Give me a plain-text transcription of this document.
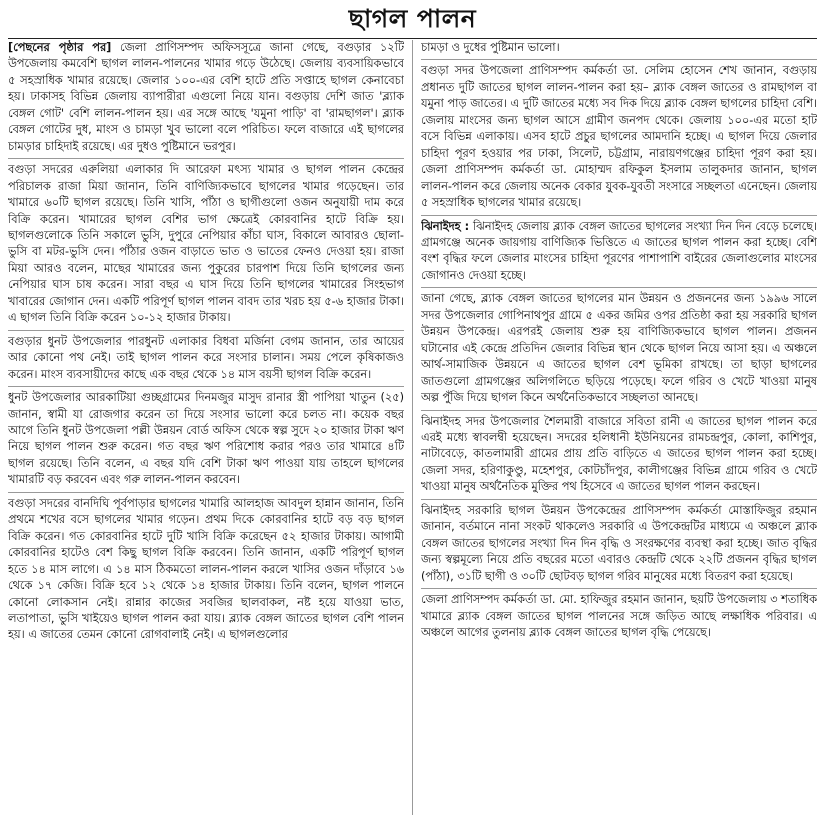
ছাগল পালন

[পেছনের পৃষ্ঠার পর] জেলা প্রাণিসম্পদ অফিসসূত্রে জানা গেছে, বগুড়ার ১২টি উপজেলায় কমবেশি ছাগল লালন-পালনের খামার গড়ে উঠেছে। জেলায় ব্যবসায়িকভাবে ৫ সহস্রাধিক খামার রয়েছে। জেলার ১০০-এর বেশি হাটে প্রতি সপ্তাহে ছাগল কেনাবেচা হয়। ঢাকাসহ বিভিন্ন জেলায় ব্যাপারীরা এগুলো নিয়ে যান। বগুড়ায় দেশি জাত 'ব্ল্যাক বেঙ্গল গোট' বেশি লালন-পালন হয়। এর সঙ্গে আছে 'যমুনা পাড়ি' বা 'রামছাগল'। ব্ল্যাক বেঙ্গল গোটের দুধ, মাংস ও চামড়া খুব ভালো বলে পরিচিত। ফলে বাজারে এই ছাগলের চামড়ার চাহিদাই রয়েছে। এর দুধও পুষ্টিমানে ভরপুর।

বগুড়া সদরের এরুলিয়া এলাকার দি আরেফা মৎস্য খামার ও ছাগল পালন কেন্দ্রের পরিচালক রাজা মিয়া জানান, তিনি বাণিজ্যিকভাবে ছাগলের খামার গড়েছেন। তার খামারে ৬০টি ছাগল রয়েছে। তিনি খাসি, পাঁঠা ও ছাগীগুলো ওজন অনুযায়ী দাম করে বিক্রি করেন। খামারের ছাগল বেশির ভাগ ক্ষেত্রেই কোরবানির হাটে বিক্রি হয়। ছাগলগুলোকে তিনি সকালে ভুসি, দুপুরে নেপিয়ার কাঁচা ঘাস, বিকালে আবারও ছোলা-ভুসি বা মটর-ভুসি দেন। পাঁঠার ওজন বাড়াতে ভাত ও ভাতের ফেনও দেওয়া হয়। রাজা মিয়া আরও বলেন, মাছের খামারের জন্য পুকুরের চারপাশ দিয়ে তিনি ছাগলের জন্য নেপিয়ার ঘাস চাষ করেন। সারা বছর এ ঘাস দিয়ে তিনি ছাগলের খামারের সিংহভাগ খাবারের জোগান দেন। একটি পরিপূর্ণ ছাগল পালন বাবদ তার খরচ হয় ৫-৬ হাজার টাকা। এ ছাগল তিনি বিক্রি করেন ১০-১২ হাজার টাকায়।

বগুড়ার ধুনট উপজেলার পারধুনট এলাকার বিধবা মর্জিনা বেগম জানান, তার আয়ের আর কোনো পথ নেই। তাই ছাগল পালন করে সংসার চালান। সময় পেলে কৃষিকাজও করেন। মাংস ব্যবসায়ীদের কাছে এক বছর থেকে ১৪ মাস বয়সী ছাগল বিক্রি করেন।

ধুনট উপজেলার আরকাটিয়া গুচ্ছগ্রামের দিনমজুর মাসুদ রানার স্ত্রী পাপিয়া খাতুন (২৫) জানান, স্বামী যা রোজগার করেন তা দিয়ে সংসার ভালো করে চলত না। কয়েক বছর আগে তিনি ধুনট উপজেলা পল্লী উন্নয়ন বোর্ড অফিস থেকে স্বল্প সুদে ২০ হাজার টাকা ঋণ নিয়ে ছাগল পালন শুরু করেন। গত বছর ঋণ পরিশোধ করার পরও তার খামারে ৪টি ছাগল রয়েছে। তিনি বলেন, এ বছর যদি বেশি টাকা ঋণ পাওয়া যায় তাহলে ছাগলের খামারটি বড় করবেন এবং গরু লালন-পালন করবেন।

বগুড়া সদরের বানদিঘি পূর্বপাড়ার ছাগলের খামারি আলহাজ আবদুল হান্নান জানান, তিনি প্রথমে শখের বসে ছাগলের খামার গড়েন। প্রথম দিকে কোরবানির হাটে বড় বড় ছাগল বিক্রি করেন। গত কোরবানির হাটে দুটি খাসি বিক্রি করেছেন ৫২ হাজার টাকায়। আগামী কোরবানির হাটেও বেশ কিছু ছাগল বিক্রি করবেন। তিনি জানান, একটি পরিপূর্ণ ছাগল হতে ১৪ মাস লাগে। এ ১৪ মাস ঠিকমতো লালন-পালন করলে খাসির ওজন দাঁড়াবে ১৬ থেকে ১৭ কেজি। বিক্রি হবে ১২ থেকে ১৪ হাজার টাকায়। তিনি বলেন, ছাগল পালনে কোনো লোকসান নেই। রান্নার কাজের সবজির ছালবাকল, নষ্ট হয়ে যাওয়া ভাত, লতাপাতা, ভুসি খাইয়েও ছাগল পালন করা যায়। ব্ল্যাক বেঙ্গল জাতের ছাগল বেশি পালন হয়। এ জাতের তেমন কোনো রোগবালাই নেই। এ ছাগলগুলোর

চামড়া ও দুধের পুষ্টিমান ভালো।

বগুড়া সদর উপজেলা প্রাণিসম্পদ কর্মকর্তা ডা. সেলিম হোসেন শেখ জানান, বগুড়ায় প্রধানত দুটি জাতের ছাগল লালন-পালন করা হয়– ব্ল্যাক বেঙ্গল জাতের ও রামছাগল বা যমুনা পাড় জাতের। এ দুটি জাতের মধ্যে সব দিক দিয়ে ব্ল্যাক বেঙ্গল ছাগলের চাহিদা বেশি। জেলায় মাংসের জন্য ছাগল আসে গ্রামীণ জনপদ থেকে। জেলায় ১০০-এর মতো হাট বসে বিভিন্ন এলাকায়। এসব হাটে প্রচুর ছাগলের আমদানি হচ্ছে। এ ছাগল দিয়ে জেলার চাহিদা পূরণ হওয়ার পর ঢাকা, সিলেট, চট্টগ্রাম, নারায়ণগঞ্জের চাহিদা পূরণ করা হয়। জেলা প্রাণিসম্পদ কর্মকর্তা ডা. মোহাম্মদ রফিকুল ইসলাম তালুকদার জানান, ছাগল লালন-পালন করে জেলায় অনেক বেকার যুবক-যুবতী সংসারে সচ্ছলতা এনেছেন। জেলায় ৫ সহস্রাধিক ছাগলের খামার রয়েছে।

ঝিনাইদহ : ঝিনাইদহ জেলায় ব্ল্যাক বেঙ্গল জাতের ছাগলের সংখ্যা দিন দিন বেড়ে চলেছে। গ্রামগঞ্জে অনেক জায়গায় বাণিজ্যিক ভিত্তিতে এ জাতের ছাগল পালন করা হচ্ছে। বেশি বংশ বৃদ্ধির ফলে জেলার মাংসের চাহিদা পূরণের পাশাপাশি বাইরের জেলাগুলোর মাংসের জোগানও দেওয়া হচ্ছে।

জানা গেছে, ব্ল্যাক বেঙ্গল জাতের ছাগলের মান উন্নয়ন ও প্রজননের জন্য ১৯৯৬ সালে সদর উপজেলার গোপিনাথপুর গ্রামে ৫ একর জমির ওপর প্রতিষ্ঠা করা হয় সরকারি ছাগল উন্নয়ন উপকেন্দ্র। এরপরই জেলায় শুরু হয় বাণিজ্যিকভাবে ছাগল পালন। প্রজনন ঘটানোর এই কেন্দ্রে প্রতিদিন জেলার বিভিন্ন স্থান থেকে ছাগল নিয়ে আসা হয়। এ অঞ্চলে আর্থ-সামাজিক উন্নয়নে এ জাতের ছাগল বেশ ভূমিকা রাখছে। তা ছাড়া ছাগলের জাতগুলো গ্রামগঞ্জের অলিগলিতে ছড়িয়ে পড়েছে। ফলে গরিব ও খেটে খাওয়া মানুষ অল্প পুঁজি দিয়ে ছাগল কিনে অর্থনৈতিকভাবে সচ্ছলতা আনছে।

ঝিনাইদহ সদর উপজেলার শৈলমারী বাজারে সবিতা রানী এ জাতের ছাগল পালন করে এরই মধ্যে স্বাবলম্বী হয়েছেন। সদরের হলিধানী ইউনিয়নের রামচন্দ্রপুর, কোলা, কাশিপুর, নাটাবেড়ে, কাতলামারী গ্রামের প্রায় প্রতি বাড়িতে এ জাতের ছাগল পালন করা হচ্ছে। জেলা সদর, হরিণাকুণ্ডু, মহেশপুর, কোটচাঁদপুর, কালীগঞ্জের বিভিন্ন গ্রামে গরিব ও খেটে খাওয়া মানুষ অর্থনৈতিক মুক্তির পথ হিসেবে এ জাতের ছাগল পালন করছেন।

ঝিনাইদহ সরকারি ছাগল উন্নয়ন উপকেন্দ্রের প্রাণিসম্পদ কর্মকর্তা মোস্তাফিজুর রহমান জানান, বর্তমানে নানা সংকট থাকলেও সরকারি এ উপকেন্দ্রটির মাধ্যমে এ অঞ্চলে ব্ল্যাক বেঙ্গল জাতের ছাগলের সংখ্যা দিন দিন বৃদ্ধি ও সংরক্ষণের ব্যবস্থা করা হচ্ছে। জাত বৃদ্ধির জন্য স্বল্পমূল্যে নিয়ে প্রতি বছরের মতো এবারও কেন্দ্রটি থেকে ২২টি প্রজনন বৃদ্ধির ছাগল (পাঁঠা), ৩১টি ছাগী ও ৩০টি ছোটবড় ছাগল গরিব মানুষের মধ্যে বিতরণ করা হয়েছে।

জেলা প্রাণিসম্পদ কর্মকর্তা ডা. মো. হাফিজুর রহমান জানান, ছয়টি উপজেলায় ৩ শতাধিক খামারে ব্ল্যাক বেঙ্গল জাতের ছাগল পালনের সঙ্গে জড়িত আছে লক্ষাধিক পরিবার। এ অঞ্চলে আগের তুলনায় ব্ল্যাক বেঙ্গল জাতের ছাগল বৃদ্ধি পেয়েছে।
